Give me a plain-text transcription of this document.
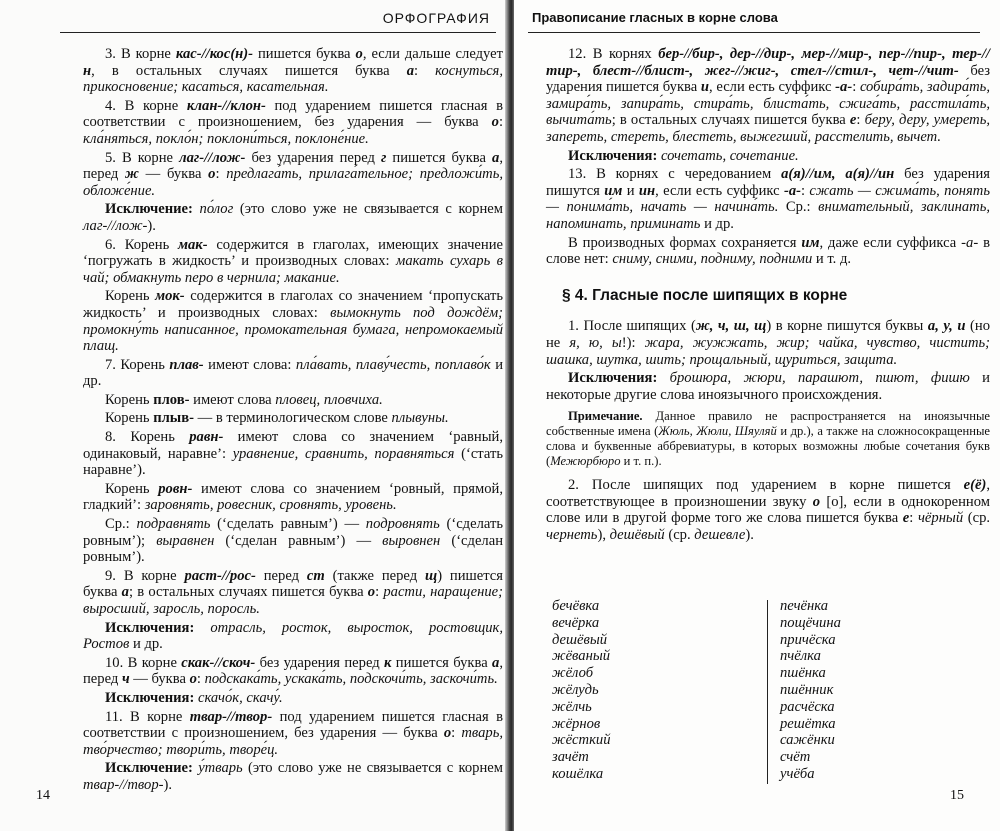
ОРФОГРАФИЯ

3. В корне кас-//кос(н)- пишется буква о, если дальше следует н, в остальных случаях пишется буква а: коснуться, прикосновение; касаться, касательная.

4. В корне клан-//клон- под ударением пишется гласная в соответствии с произношением, без ударения — буква о: кла́няться, покло́н; поклони́ться, поклоне́ние.

5. В корне лаг-//лож- без ударения перед г пишется буква а, перед ж — буква о: предлага́ть, прилага́тельное; предложи́ть, обложе́ние.

Исключение: по́лог (это слово уже не связывается с корнем лаг-//лож-).

6. Корень мак- содержится в глаголах, имеющих значение ‘погружать в жидкость’ и производных словах: макать сухарь в чай; обмакнуть перо в чернила; макание.

Корень мок- содержится в глаголах со значением ‘пропускать жидкость’ и производных словах: вымокнуть под дождём; промокну́ть написанное, промокательная бумага, непромокаемый плащ.

7. Корень плав- имеют слова: пла́вать, плаву́честь, поплаво́к и др.

Корень плов- имеют слова пловец, пловчиха.

Корень плыв- — в терминологическом слове плывуны.

8. Корень равн- имеют слова со значением ‘равный, одинаковый, наравне’: уравнение, сравнить, поравняться (‘стать наравне’).

Корень ровн- имеют слова со значением ‘ровный, прямой, гладкий’: заровнять, ровесник, сровнять, уровень.

Ср.: подравнять (‘сделать равным’) — подровнять (‘сделать ровным’); выравнен (‘сделан равным’) — выровнен (‘сделан ровным’).

9. В корне раст-//рос- перед ст (также перед щ) пишется буква а; в остальных случаях пишется буква о: расти, наращение; выросший, заросль, поросль.

Исключения: отрасль, росток, выросток, ростовщик, Ростов и др.

10. В корне скак-//скоч- без ударения перед к пишется буква а, перед ч — буква о: подскака́ть, ускака́ть, подскочи́ть, заскочи́ть.

Исключения: скачо́к, скачу́.

11. В корне твар-//твор- под ударением пишется гласная в соответствии с произношением, без ударения — буква о: тварь, тво́рчество; твори́ть, творе́ц.

Исключение: у́тварь (это слово уже не связывается с корнем твар-//твор-).

14
Правописание гласных в корне слова

12. В корнях бер-//бир-, дер-//дир-, мер-//мир-, пер-//пир-, тер-//тир-, блест-//блист-, жег-//жиг-, стел-//стил-, чет-//чит- без ударения пишется буква и, если есть суффикс -а-: собира́ть, задира́ть, замира́ть, запира́ть, стира́ть, блиста́ть, сжига́ть, расстила́ть, вычита́ть; в остальных случаях пишется буква е: беру, деру, умереть, запереть, стереть, блестеть, выжегший, расстелить, вычет.

Исключения: сочетать, сочетание.

13. В корнях с чередованием а(я)//им, а(я)//ин без ударения пишутся им и ин, если есть суффикс -а-: сжать — сжима́ть, понять — понима́ть, начать — начина́ть. Ср.: внимательный, заклинать, напоминать, приминать и др.

В производных формах сохраняется им, даже если суффикса -а- в слове нет: сниму, сними, подниму, подними и т. д.

§ 4. Гласные после шипящих в корне

1. После шипящих (ж, ч, ш, щ) в корне пишутся буквы а, у, и (но не я, ю, ы!): жара, жужжать, жир; чайка, чувство, чистить; шашка, шутка, шить; прощальный, щуриться, защита.

Исключения: брошюра, жюри, парашют, пшют, фишю и некоторые другие слова иноязычного происхождения.

Примечание. Данное правило не распространяется на иноязычные собственные имена (Жюль, Жюли, Шяуляй и др.), а также на сложносокращенные слова и буквенные аббревиатуры, в которых возможны любые сочетания букв (Межюрбюро и т. п.).

2. После шипящих под ударением в корне пишется е(ё), соответствующее в произношении звуку о [о], если в однокоренном слове или в другой форме того же слова пишется буква е: чёрный (ср. чернеть), дешёвый (ср. дешевле).

бечёвка
вечёрка
дешёвый
жёваный
жёлоб
жёлудь
жёлчь
жёрнов
жёсткий
зачёт
кошёлка
печёнка
пощёчина
причёска
пчёлка
пшёнка
пшённик
расчёска
решётка
сажёнки
счёт
учёба
15
